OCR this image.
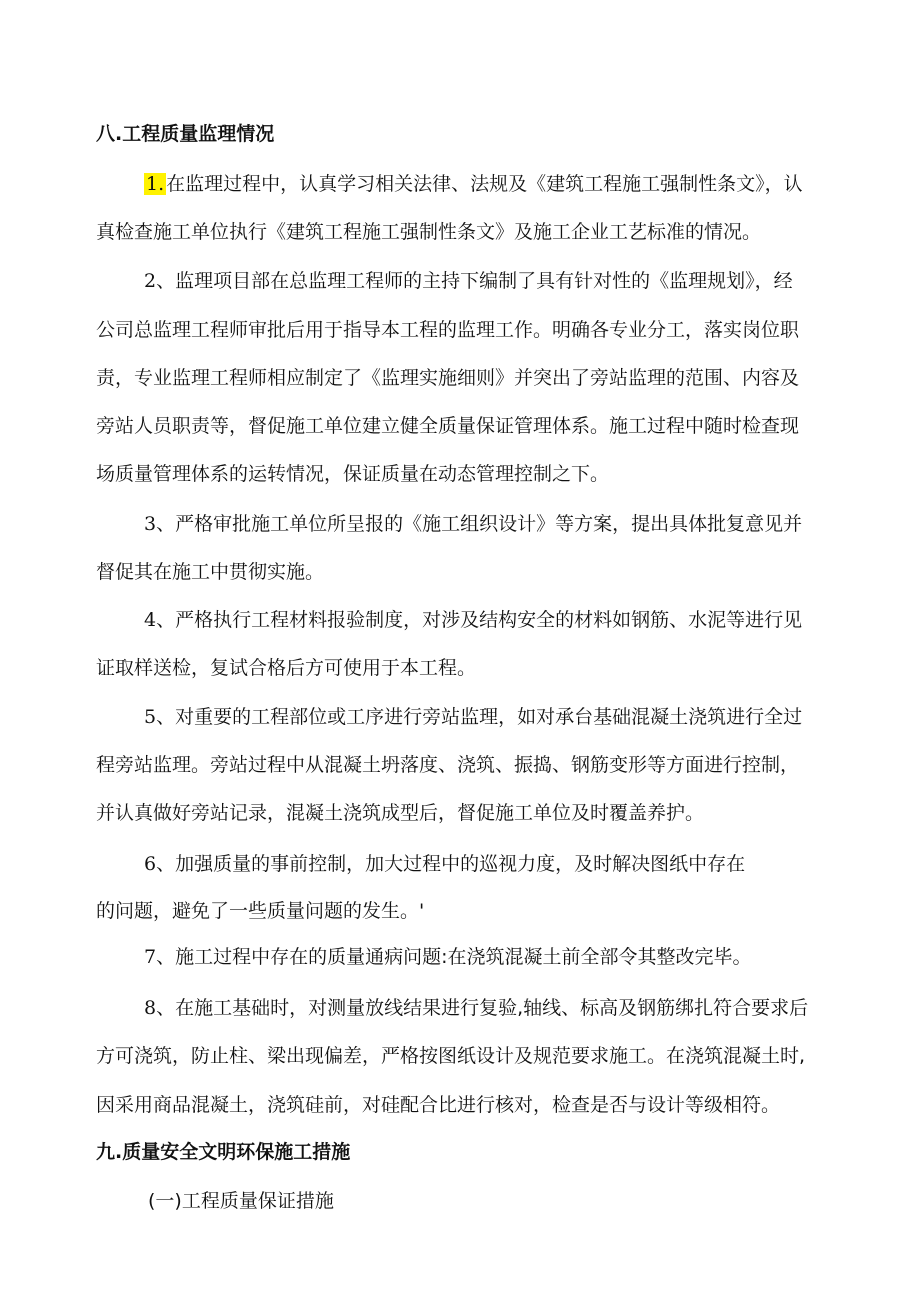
八.工程质量监理情况
1. 在监理过程中，认真学习相关法律、法规及《建筑工程施工强制性条文》，认
真检查施工单位执行《建筑工程施工强制性条文》及施工企业工艺标准的情况。
2、监理项目部在总监理工程师的主持下编制了具有针对性的《监理规划》，经
公司总监理工程师审批后用于指导本工程的监理工作。明确各专业分工，落实岗位职
责，专业监理工程师相应制定了《监理实施细则》并突出了旁站监理的范围、内容及
旁站人员职责等，督促施工单位建立健全质量保证管理体系。施工过程中随时检查现
场质量管理体系的运转情况，保证质量在动态管理控制之下。
3、严格审批施工单位所呈报的《施工组织设计》等方案，提出具体批复意见并
督促其在施工中贯彻实施。
4、严格执行工程材料报验制度，对涉及结构安全的材料如钢筋、水泥等进行见
证取样送检，复试合格后方可使用于本工程。
5、对重要的工程部位或工序进行旁站监理，如对承台基础混凝土浇筑进行全过
程旁站监理。旁站过程中从混凝土坍落度、浇筑、振捣、钢筋变形等方面进行控制，
并认真做好旁站记录，混凝土浇筑成型后，督促施工单位及时覆盖养护。
6、加强质量的事前控制，加大过程中的巡视力度，及时解决图纸中存在
的问题，避免了一些质量问题的发生。'
7、施工过程中存在的质量通病问题:在浇筑混凝土前全部令其整改完毕。
8、在施工基础时，对测量放线结果进行复验,轴线、标高及钢筋绑扎符合要求后
方可浇筑，防止柱、梁出现偏差，严格按图纸设计及规范要求施工。在浇筑混凝土时,
因采用商品混凝土，浇筑硅前，对硅配合比进行核对，检查是否与设计等级相符。
九.质量安全文明环保施工措施
(一)工程质量保证措施
